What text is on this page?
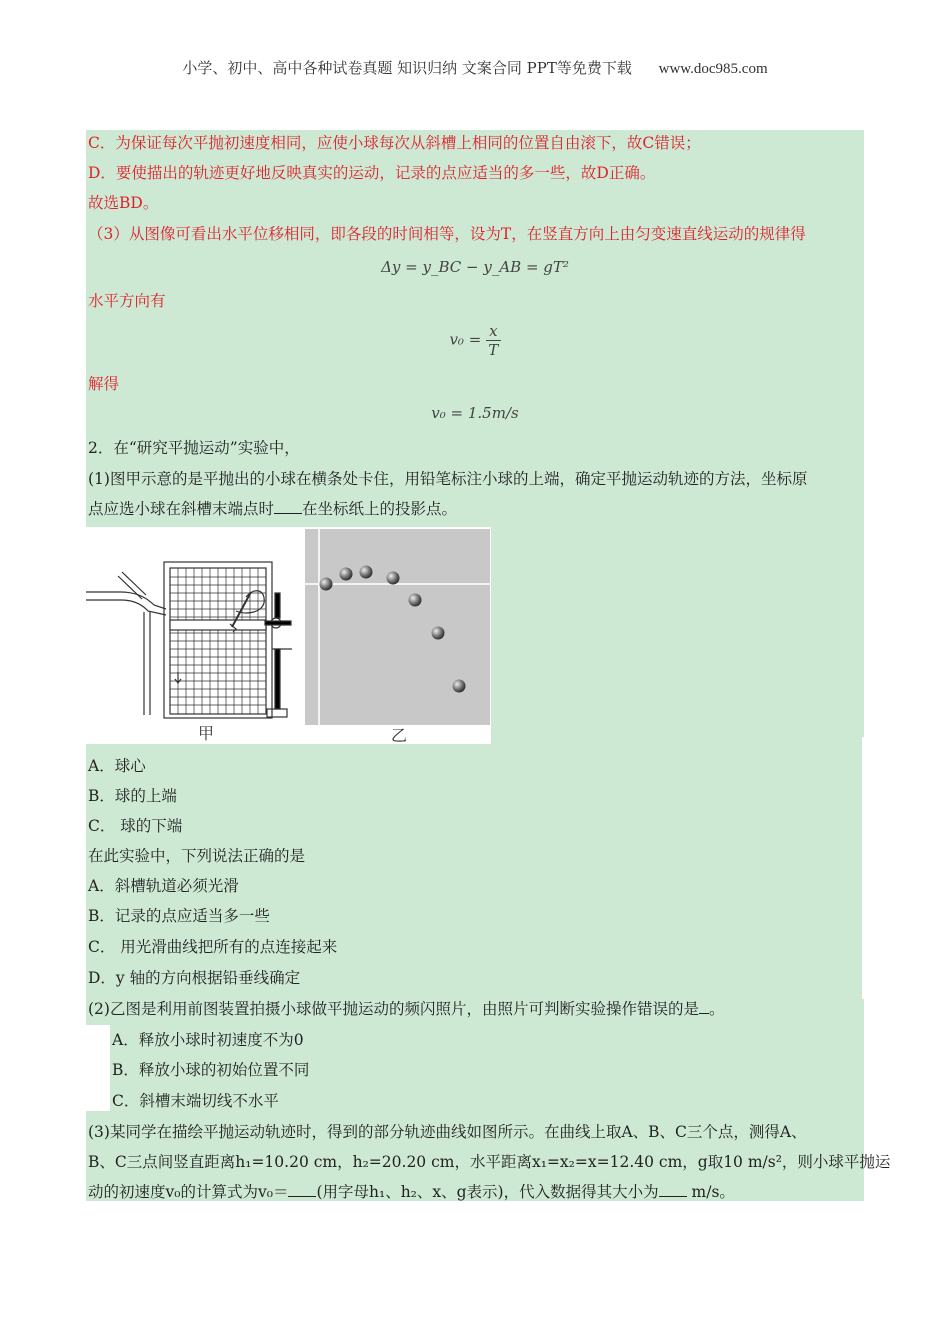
小学、初中、高中各种试卷真题 知识归纳 文案合同 PPT等免费下载 www.doc985.com
C．为保证每次平抛初速度相同，应使小球每次从斜槽上相同的位置自由滚下，故C错误；
D．要使描出的轨迹更好地反映真实的运动，记录的点应适当的多一些，故D正确。
故选BD。
（3）从图像可看出水平位移相同，即各段的时间相等，设为T，在竖直方向上由匀变速直线运动的规律得
Δy = y_BC − y_AB = gT²
水平方向有
$v_0 = \frac{x}{T}$
解得
v₀ = 1.5m/s
2．在“研究平抛运动”实验中，
(1)图甲示意的是平抛出的小球在横条处卡住，用铅笔标注小球的上端，确定平抛运动轨迹的方法，坐标原
点应选小球在斜槽末端点时 在坐标纸上的投影点。
甲	乙
A．球心
B．球的上端
C． 球的下端
在此实验中，下列说法正确的是
A．斜槽轨道必须光滑
B．记录的点应适当多一些
C． 用光滑曲线把所有的点连接起来
D．y 轴的方向根据铅垂线确定
(2)乙图是利用前图装置拍摄小球做平抛运动的频闪照片，由照片可判断实验操作错误的是 。
A．释放小球时初速度不为0
B．释放小球的初始位置不同
C．斜槽末端切线不水平
(3)某同学在描绘平抛运动轨迹时，得到的部分轨迹曲线如图所示。在曲线上取A、B、C三个点，测得A、
B、C三点间竖直距离h₁=10.20 cm，h₂=20.20 cm，水平距离x₁=x₂=x=12.40 cm，g取10 m/s²，则小球平抛运
动的初速度v₀的计算式为v₀＝ (用字母h₁、h₂、x、g表示)，代入数据得其大小为 m/s。
